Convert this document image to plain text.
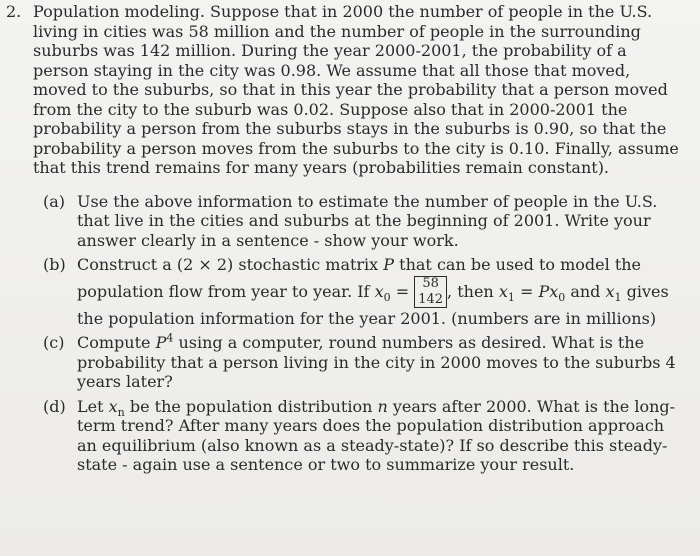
2. Population modeling. Suppose that in 2000 the number of people in the U.S. living in cities was 58 million and the number of people in the surrounding suburbs was 142 million. During the year 2000-2001, the probability of a person staying in the city was 0.98. We assume that all those that moved, moved to the suburbs, so that in this year the probability that a person moved from the city to the suburb was 0.02. Suppose also that in 2000-2001 the probability a person from the suburbs stays in the suburbs is 0.90, so that the probability a person moves from the suburbs to the city is 0.10. Finally, assume that this trend remains for many years (probabilities remain constant).

(a) Use the above information to estimate the number of people in the U.S. that live in the cities and suburbs at the beginning of 2001. Write your answer clearly in a sentence - show your work.

(b) Construct a (2 × 2) stochastic matrix P that can be used to model the population flow from year to year. If $x_0$ =	58
142 , then $x_1 = Px_0$ and $x_1$ gives the population information for the year 2001. (numbers are in millions)

(c) Compute $P^4$ using a computer, round numbers as desired. What is the probability that a person living in the city in 2000 moves to the suburbs 4 years later?

(d) Let $x_n$ be the population distribution n years after 2000. What is the long-term trend? After many years does the population distribution approach an equilibrium (also known as a steady-state)? If so describe this steady-state - again use a sentence or two to summarize your result.
